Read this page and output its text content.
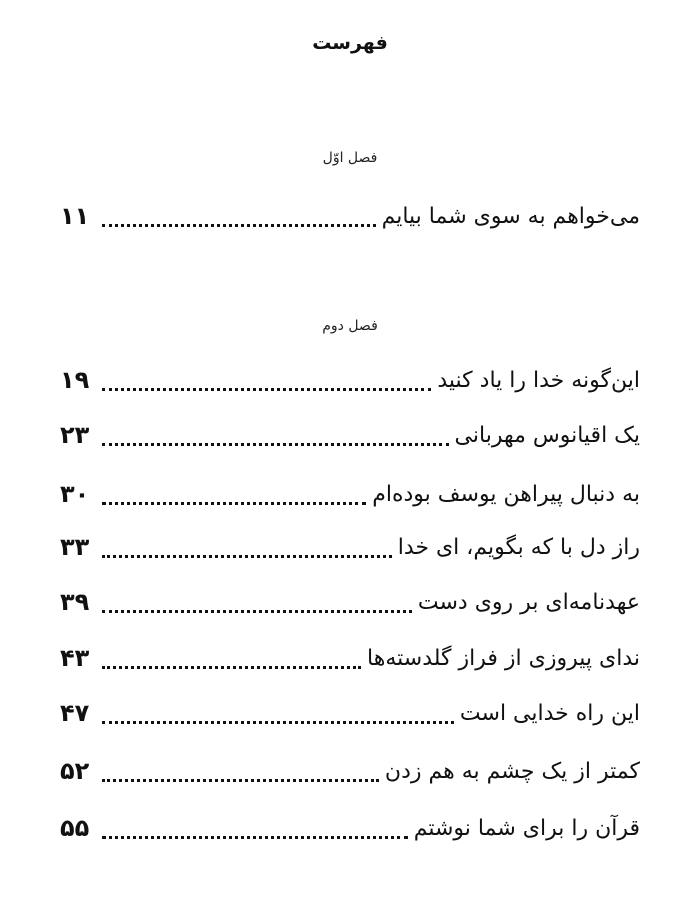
فهرست
فصل اوّل
می‌خواهم به سوی شما بیایم
۱۱
فصل دوم
این‌گونه خدا را یاد کنید
۱۹
یک اقیانوس مهربانی
۲۳
به دنبال پیراهن یوسف بوده‌ام
۳۰
راز دل با که بگویم، ای خدا
۳۳
عهدنامه‌ای بر روی دست
۳۹
ندای پیروزی از فراز گلدسته‌ها
۴۳
این راه خدایی است
۴۷
کمتر از یک چشم به هم زدن
۵۲
قرآن را برای شما نوشتم
۵۵
